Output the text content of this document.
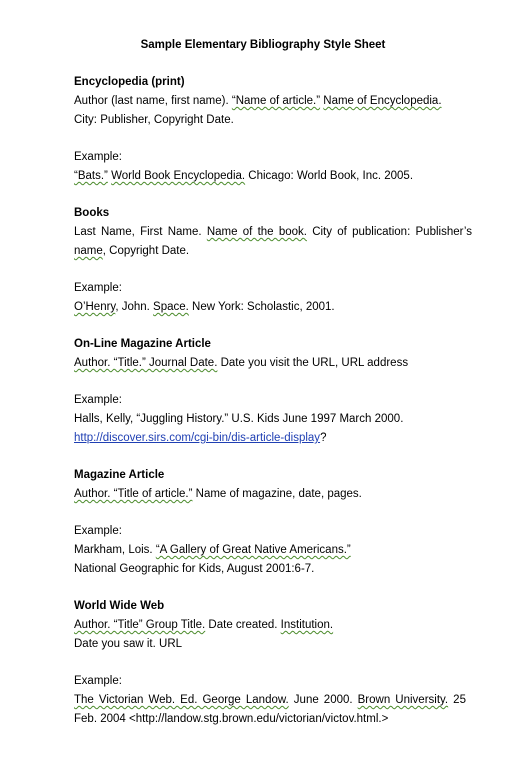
Sample Elementary Bibliography Style Sheet
Encyclopedia (print)
Author (last name, first name). “Name of article.” Name of Encyclopedia.
City: Publisher, Copyright Date.
Example:
“Bats.” World Book Encyclopedia. Chicago: World Book, Inc. 2005.
Books
Last Name, First Name. Name of the book. City of publication: Publisher’s
name, Copyright Date.
Example:
O’Henry, John. Space. New York: Scholastic, 2001.
On-Line Magazine Article
Author. “Title.” Journal Date. Date you visit the URL, URL address
Example:
Halls, Kelly, “Juggling History.” U.S. Kids June 1997 March 2000.
http://discover.sirs.com/cgi-bin/dis-article-display?
Magazine Article
Author. “Title of article.” Name of magazine, date, pages.
Example:
Markham, Lois. “A Gallery of Great Native Americans.”
National Geographic for Kids, August 2001:6-7.
World Wide Web
Author. “Title” Group Title. Date created. Institution.
Date you saw it. URL
Example:
The Victorian Web. Ed. George Landow. June 2000. Brown University. 25
Feb. 2004 <http://landow.stg.brown.edu/victorian/victov.html.>
